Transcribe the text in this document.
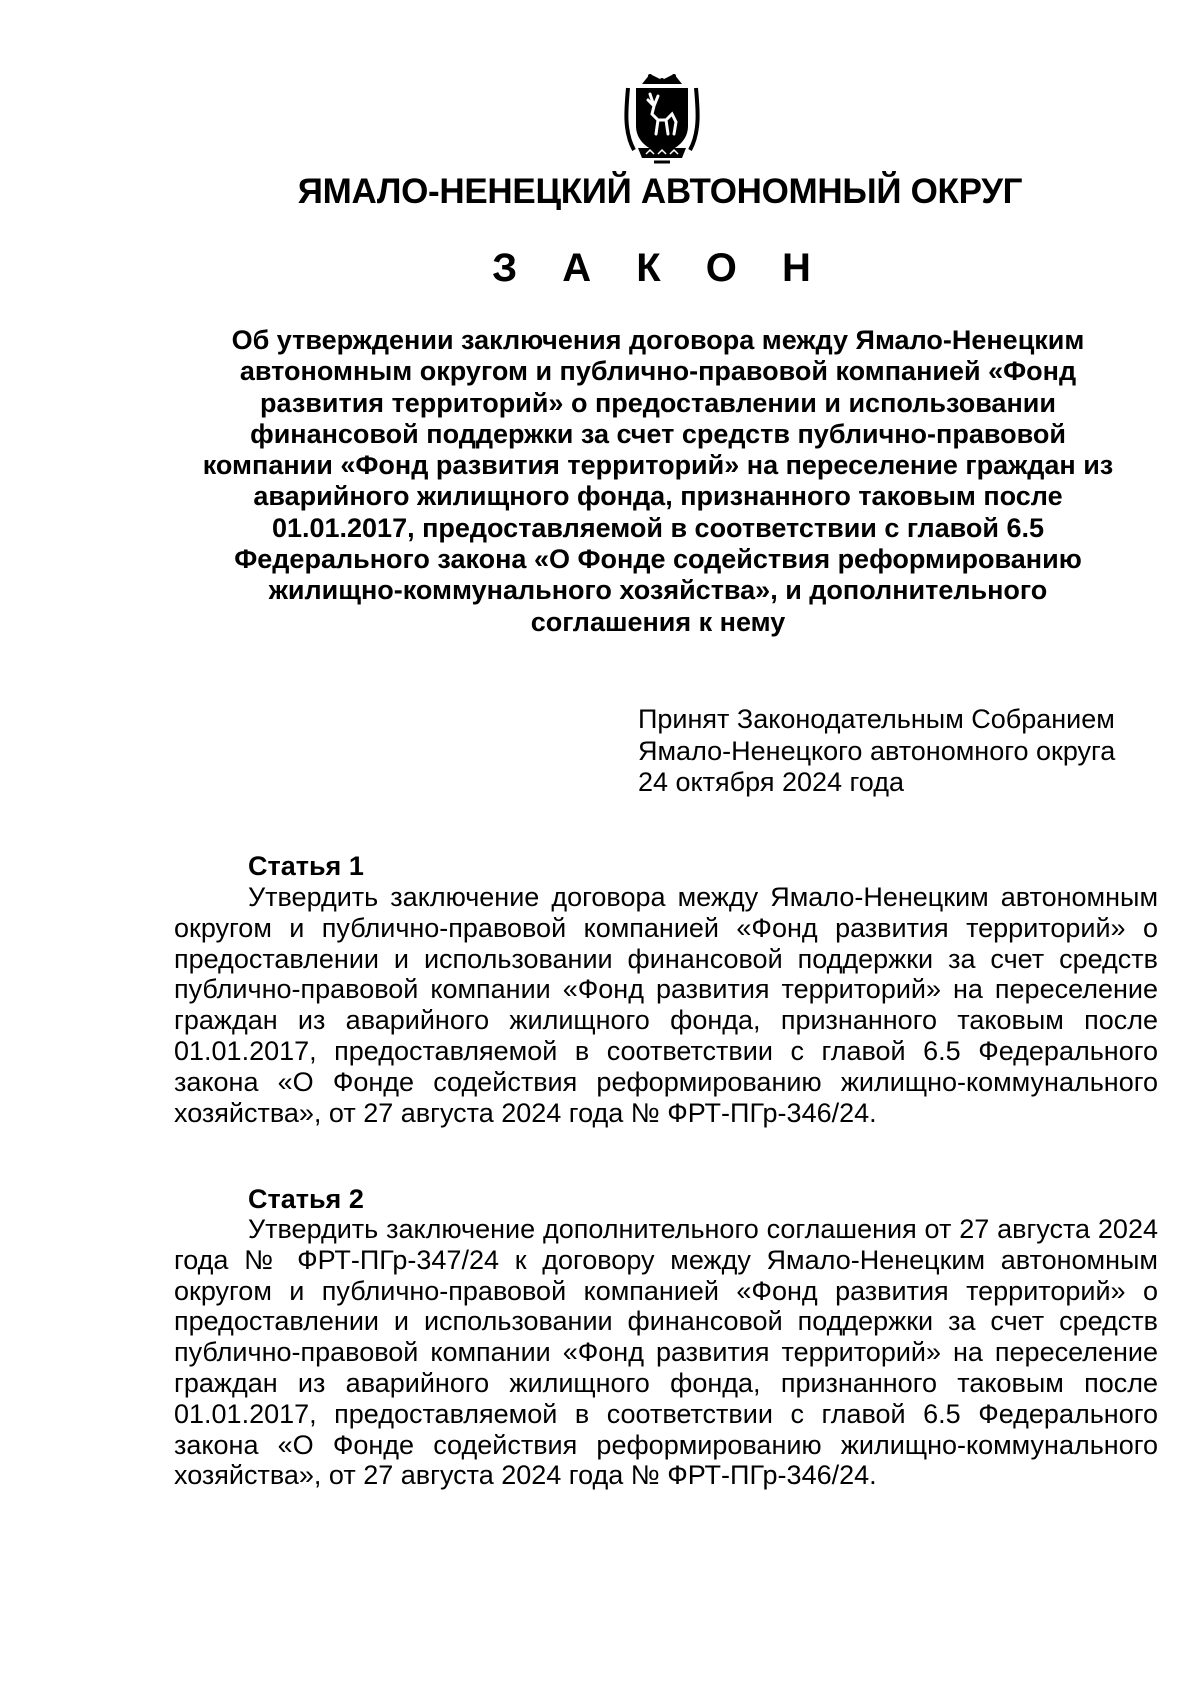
ЯМАЛО-НЕНЕЦКИЙ АВТОНОМНЫЙ ОКРУГ
З А К О Н
Об утверждении заключения договора между Ямало-Ненецким автономным округом и публично-правовой компанией «Фонд развития территорий» о предоставлении и использовании финансовой поддержки за счет средств публично-правовой компании «Фонд развития территорий» на переселение граждан из аварийного жилищного фонда, признанного таковым после 01.01.2017, предоставляемой в соответствии с главой 6.5 Федерального закона «О Фонде содействия реформированию жилищно-коммунального хозяйства», и дополнительного соглашения к нему
Принят Законодательным Собранием
Ямало-Ненецкого автономного округа
24 октября 2024 года
Статья 1
Утвердить заключение договора между Ямало-Ненецким автономным округом и публично-правовой компанией «Фонд развития территорий» о предоставлении и использовании финансовой поддержки за счет средств публично-правовой компании «Фонд развития территорий» на переселение граждан из аварийного жилищного фонда, признанного таковым после 01.01.2017, предоставляемой в соответствии с главой 6.5 Федерального закона «О Фонде содействия реформированию жилищно-коммунального хозяйства», от 27 августа 2024 года № ФРТ-ПГр-346/24.
Статья 2
Утвердить заключение дополнительного соглашения от 27 августа 2024 года № ФРТ-ПГр-347/24 к договору между Ямало-Ненецким автономным округом и публично-правовой компанией «Фонд развития территорий» о предоставлении и использовании финансовой поддержки за счет средств публично-правовой компании «Фонд развития территорий» на переселение граждан из аварийного жилищного фонда, признанного таковым после 01.01.2017, предоставляемой в соответствии с главой 6.5 Федерального закона «О Фонде содействия реформированию жилищно-коммунального хозяйства», от 27 августа 2024 года № ФРТ-ПГр-346/24.
